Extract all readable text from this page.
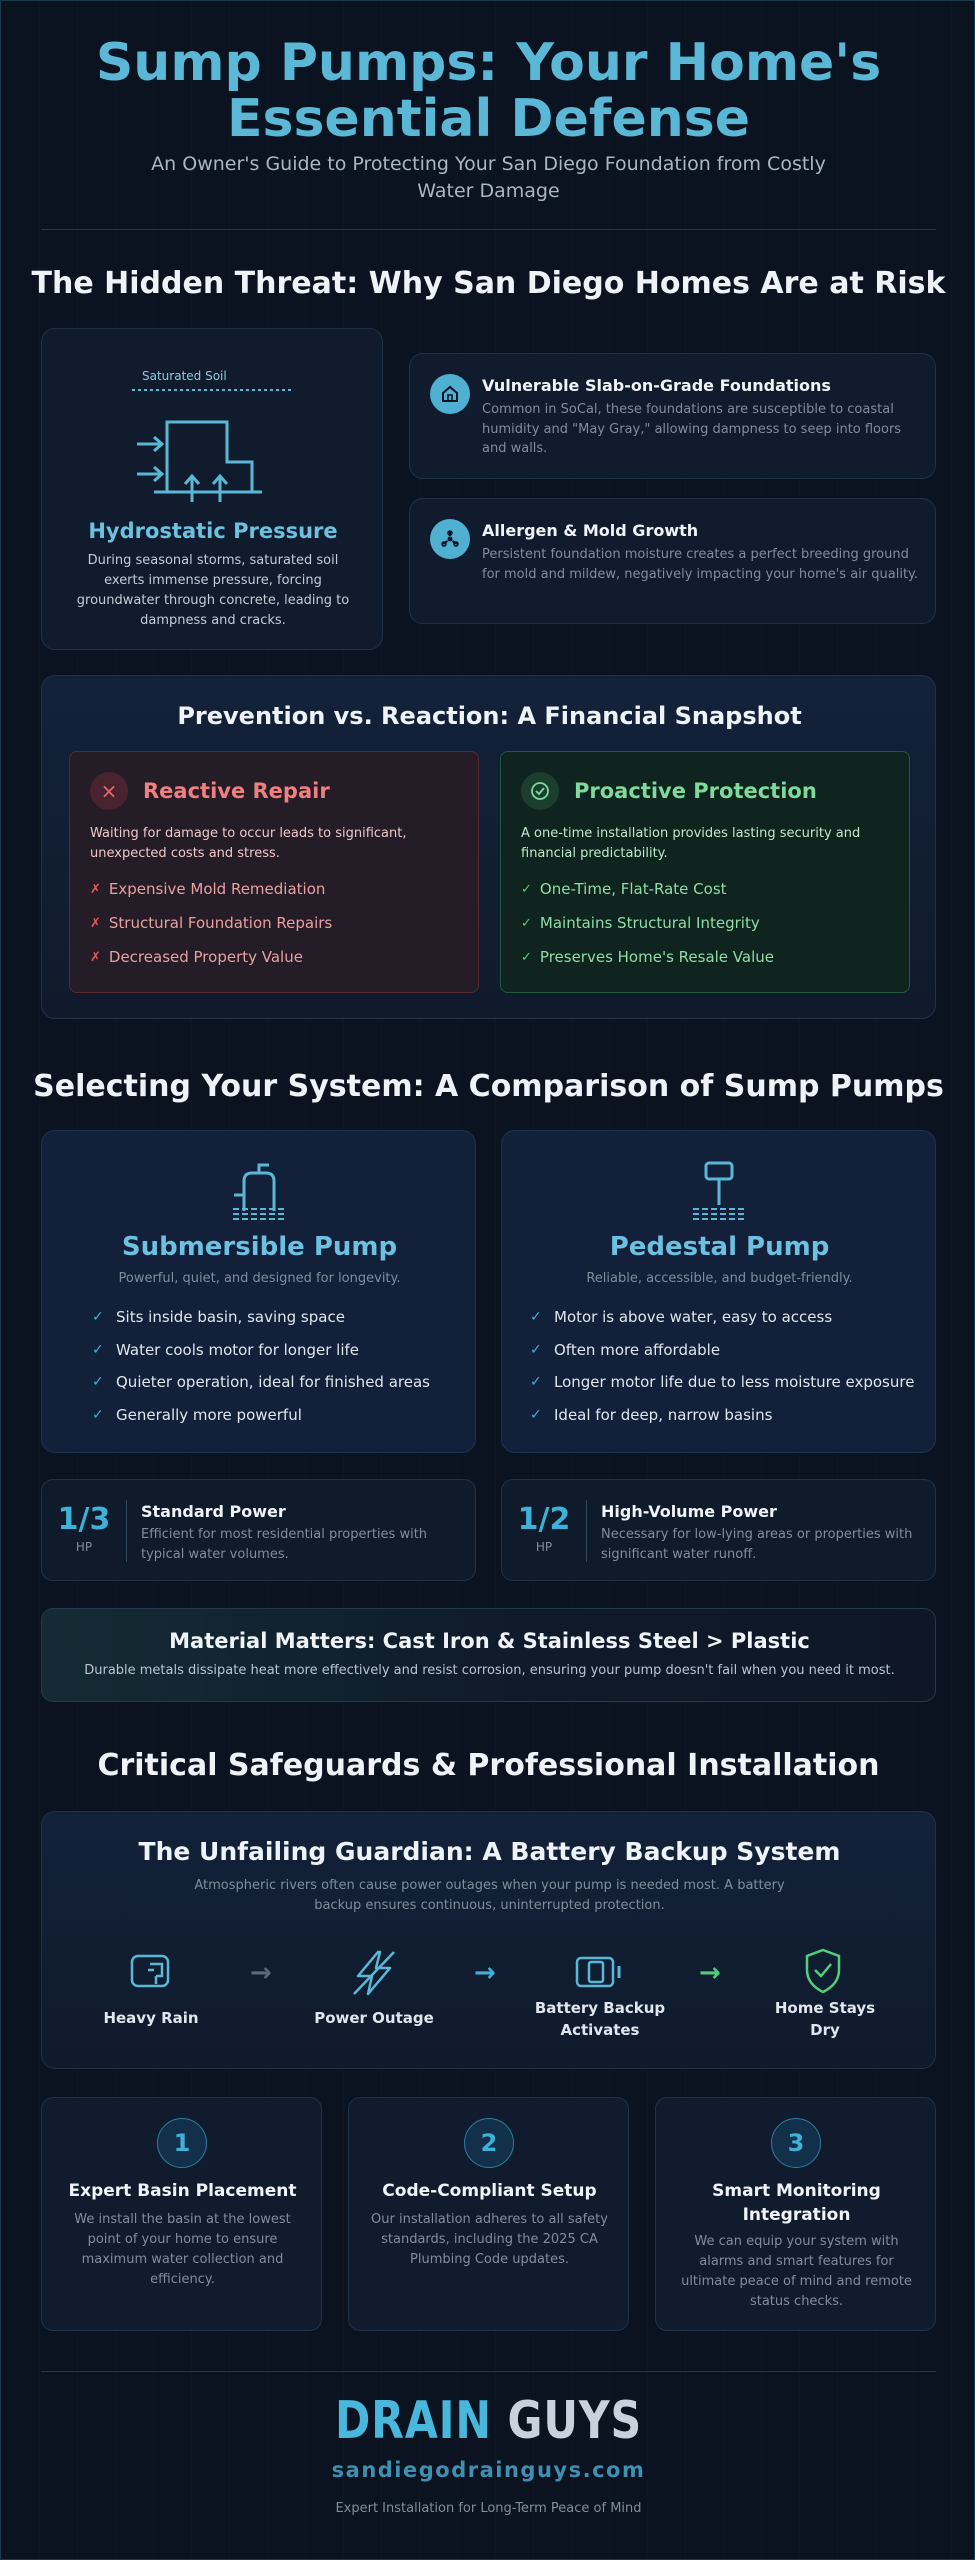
Sump Pumps: Your Home's Essential Defense

An Owner's Guide to Protecting Your San Diego Foundation from Costly Water Damage

The Hidden Threat: Why San Diego Homes Are at Risk
Saturated Soil
Hydrostatic Pressure

During seasonal storms, saturated soil exerts immense pressure, forcing groundwater through concrete, leading to dampness and cracks.

Vulnerable Slab-on-Grade Foundations

Common in SoCal, these foundations are susceptible to coastal humidity and "May Gray," allowing dampness to seep into floors and walls.

Allergen & Mold Growth

Persistent foundation moisture creates a perfect breeding ground for mold and mildew, negatively impacting your home's air quality.

Prevention vs. Reaction: A Financial Snapshot
×	Reactive Repair

Waiting for damage to occur leads to significant, unexpected costs and stress.

✗ Expensive Mold Remediation
✗ Structural Foundation Repairs
✗ Decreased Property Value
Proactive Protection

A one-time installation provides lasting security and financial predictability.

✓ One-Time, Flat-Rate Cost
✓ Maintains Structural Integrity
✓ Preserves Home's Resale Value
Selecting Your System: A Comparison of Sump Pumps
Submersible Pump
Powerful, quiet, and designed for longevity.
✓ Sits inside basin, saving space
✓ Water cools motor for longer life
✓ Quieter operation, ideal for finished areas
✓ Generally more powerful
Pedestal Pump
Reliable, accessible, and budget-friendly.
✓ Motor is above water, easy to access
✓ Often more affordable
✓ Longer motor life due to less moisture exposure
✓ Ideal for deep, narrow basins
1/3
HP
Standard Power

Efficient for most residential properties with typical water volumes.

1/2
HP
High-Volume Power

Necessary for low-lying areas or properties with significant water runoff.

Material Matters: Cast Iron & Stainless Steel > Plastic

Durable metals dissipate heat more effectively and resist corrosion, ensuring your pump doesn't fail when you need it most.

Critical Safeguards & Professional Installation
The Unfailing Guardian: A Battery Backup System

Atmospheric rivers often cause power outages when your pump is needed most. A battery backup ensures continuous, uninterrupted protection.

Heavy Rain
→
Power Outage
→
Battery Backup Activates
→
Home Stays Dry
1
Expert Basin Placement

We install the basin at the lowest point of your home to ensure maximum water collection and efficiency.

2
Code-Compliant Setup

Our installation adheres to all safety standards, including the 2025 CA Plumbing Code updates.

3
Smart Monitoring Integration

We can equip your system with alarms and smart features for ultimate peace of mind and remote status checks.

DRAIN GUYS
sandiegodrainguys.com
Expert Installation for Long-Term Peace of Mind
